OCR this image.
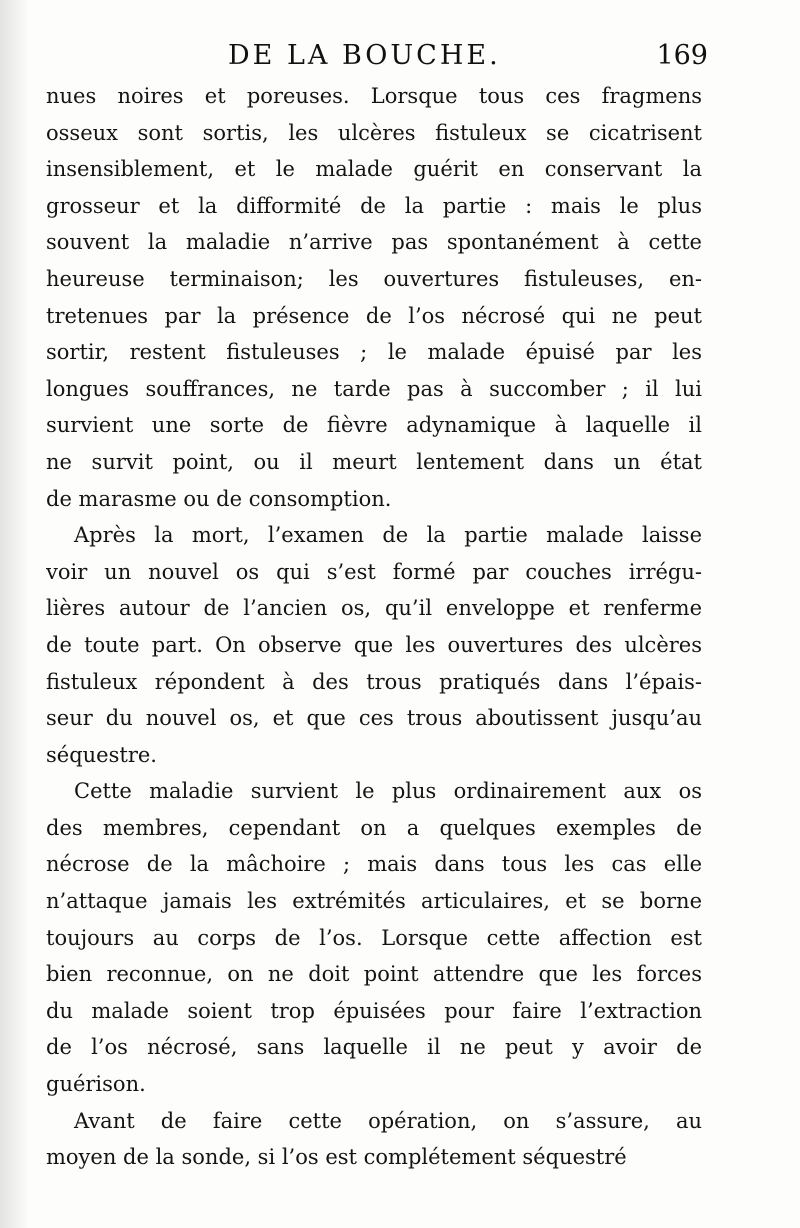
DE LA BOUCHE.	169
nues noires et poreuses. Lorsque tous ces fragmens
osseux sont sortis, les ulcères fistuleux se cicatrisent
insensiblement, et le malade guérit en conservant la
grosseur et la difformité de la partie : mais le plus
souvent la maladie n’arrive pas spontanément à cette
heureuse terminaison; les ouvertures fistuleuses, en-
tretenues par la présence de l’os nécrosé qui ne peut
sortir, restent fistuleuses ; le malade épuisé par les
longues souffrances, ne tarde pas à succomber ; il lui
survient une sorte de fièvre adynamique à laquelle il
ne survit point, ou il meurt lentement dans un état
de marasme ou de consomption.
Après la mort, l’examen de la partie malade laisse
voir un nouvel os qui s’est formé par couches irrégu-
lières autour de l’ancien os, qu’il enveloppe et renferme
de toute part. On observe que les ouvertures des ulcères
fistuleux répondent à des trous pratiqués dans l’épais-
seur du nouvel os, et que ces trous aboutissent jusqu’au
séquestre.
Cette maladie survient le plus ordinairement aux os
des membres, cependant on a quelques exemples de
nécrose de la mâchoire ; mais dans tous les cas elle
n’attaque jamais les extrémités articulaires, et se borne
toujours au corps de l’os. Lorsque cette affection est
bien reconnue, on ne doit point attendre que les forces
du malade soient trop épuisées pour faire l’extraction
de l’os nécrosé, sans laquelle il ne peut y avoir de
guérison.
Avant de faire cette opération, on s’assure, au
moyen de la sonde, si l’os est complétement séquestré
